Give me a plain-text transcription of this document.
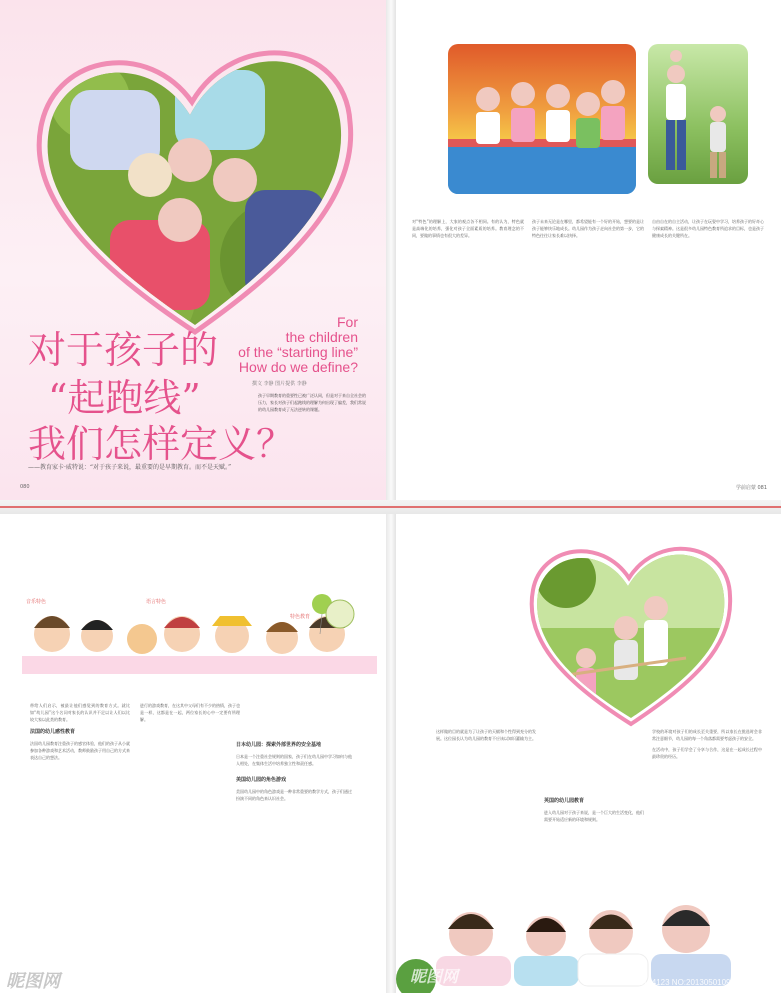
对于孩子的
“起跑线”
我们怎样定义？
For
the children
of the “starting line”
How do we define?
撰文 李静 图片提供 李静
孩子早期教育的重要性已被广泛认同，但是对于来自全社会的压力，家长对孩子们起跑线的理解为何出现了偏差，我们常说的幼儿园教育成了无法逆转的课题。
——教育家卡·威特说：“对于孩子来说，最重要的是早期教育。而不是天赋。”
080

对“特色”的理解上，大家的观点各不相同。有的认为，特色就是高端化的培养，强化对孩子全面素质的培养。教育理念的不同，要做的事情也有很大的差异。

孩子未来无论是在哪里，都希望能有一个好的开始，想要的是让孩子能够快乐地成长。幼儿园作为孩子走向社会的第一步，它的特色往往让家长难以抉择。

自由自在的自主活动，让孩子在玩耍中学习，培养孩子的好奇心与探索精神。这是很多幼儿园特色教育所追求的目标，也是孩子健康成长的关键所在。

学前启蒙 081
音乐特色	语言特色
特色教育

带给人们启示，被最让他们感觉到的教育方式。就比如“幼儿园”这个名词对家长的认识并不足以让人们以比较大家以此类的教育。

法国的幼儿感性教育

法国幼儿园教育注重孩子的感官体验，他们的孩子从小就参加各种游戏和艺术活动，教师鼓励孩子用自己的方式来表达自己的想法。

进行的游戏教育，在这其中父母们有不少的热情，孩子也是一样，这都是在一起，两位家长的心中一定要有所理解。

日本幼儿园：探索外部世界的安全基地

日本是一个注重社会规则的国家，孩子们在幼儿园中学习如何与他人相处，在集体生活中培养独立性和责任感。

美国幼儿园的角色游戏

美国幼儿园中的角色游戏是一种非常重要的教学方式，孩子们通过扮演不同的角色来认识社会。

这样做的目的就是为了让孩子的天赋和个性得到充分的发展。这位园长认为幼儿园的教育不应该以知识灌输为主。

英国的幼儿园教育

进入幼儿园对于孩子来说，是一个巨大的生活变化，他们需要开始适应新的环境和规则。

学校的环境对孩子们的成长至关重要，所以家长在挑选时会非常注意细节，幼儿园的每一个角落都需要考虑孩子的安全。

在活动中，孩子们学会了分享与合作，这是在一起成长过程中最珍贵的经历。

昵图网	ID:2184123 NO:20130501092130002338
昵图网
